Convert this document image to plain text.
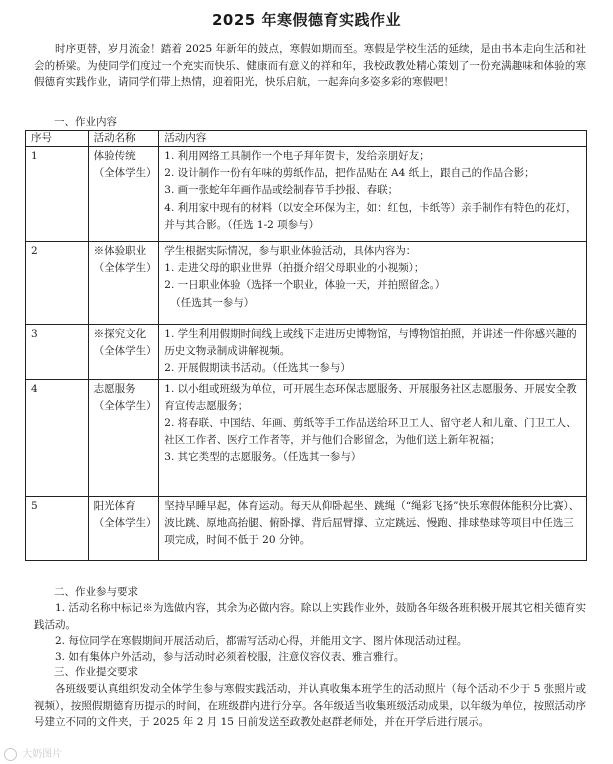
2025 年寒假德育实践作业
时序更替，岁月流金！踏着 2025 年新年的鼓点，寒假如期而至。寒假是学校生活的延续，是由书本走向生活和社会的桥梁。为使同学们度过一个充实而快乐、健康而有意义的祥和年，我校政教处精心策划了一份充满趣味和体验的寒假德育实践作业，请同学们带上热情，迎着阳光，快乐启航，一起奔向多姿多彩的寒假吧！
一、作业内容
序号	活动名称	活动内容
1	体验传统（全体学生）	1. 利用网络工具制作一个电子拜年贺卡，发给亲朋好友；
2. 设计制作一份有年味的剪纸作品，把作品贴在 A4 纸上，跟自己的作品合影；
3. 画一张蛇年年画作品或绘制春节手抄报、春联；
4. 利用家中现有的材料（以安全环保为主，如：红包，卡纸等）亲手制作有特色的花灯，并与其合影。（任选 1-2 项参与）

2	※体验职业（全体学生）	学生根据实际情况，参与职业体验活动，具体内容为：
1. 走进父母的职业世界（拍摄介绍父母职业的小视频）；
2. 一日职业体验（选择一个职业，体验一天，并拍照留念。）
（任选其一参与）

3	※探究文化（全体学生）	1. 学生利用假期时间线上或线下走进历史博物馆，与博物馆拍照，并讲述一件你感兴趣的历史文物录制成讲解视频。
2. 开展假期读书活动。（任选其一参与）

4	志愿服务（全体学生）	1. 以小组或班级为单位，可开展生态环保志愿服务、开展服务社区志愿服务、开展安全教育宣传志愿服务；
2. 将春联、中国结、年画、剪纸等手工作品送给环卫工人、留守老人和儿童、门卫工人、社区工作者、医疗工作者等，并与他们合影留念，为他们送上新年祝福；
3. 其它类型的志愿服务。（任选其一参与）

5	阳光体育（全体学生）	坚持早睡早起，体育运动。每天从仰卧起坐、跳绳（“绳彩飞扬”快乐寒假体能积分比赛）、波比跳、原地高抬腿、俯卧撑、背后屈臂撑、立定跳远、慢跑、排球垫球等项目中任选三项完成，时间不低于 20 分钟。
二、作业参与要求
1. 活动名称中标记※为选做内容，其余为必做内容。除以上实践作业外，鼓励各年级各班积极开展其它相关德育实践活动。
2. 每位同学在寒假期间开展活动后，都需写活动心得，并能用文字、图片体现活动过程。
3. 如有集体户外活动，参与活动时必须着校服，注意仪容仪表、雅言雅行。
三、作业提交要求
各班级要认真组织发动全体学生参与寒假实践活动，并认真收集本班学生的活动照片（每个活动不少于 5 张照片或视频），按照假期德育历提示的时间，在班级群内进行分享。各年级适当收集班级活动成果，以年级为单位，按照活动序号建立不同的文件夹，于 2025 年 2 月 15 日前发送至政教处赵群老师处，并在开学后进行展示。
大奶图片
